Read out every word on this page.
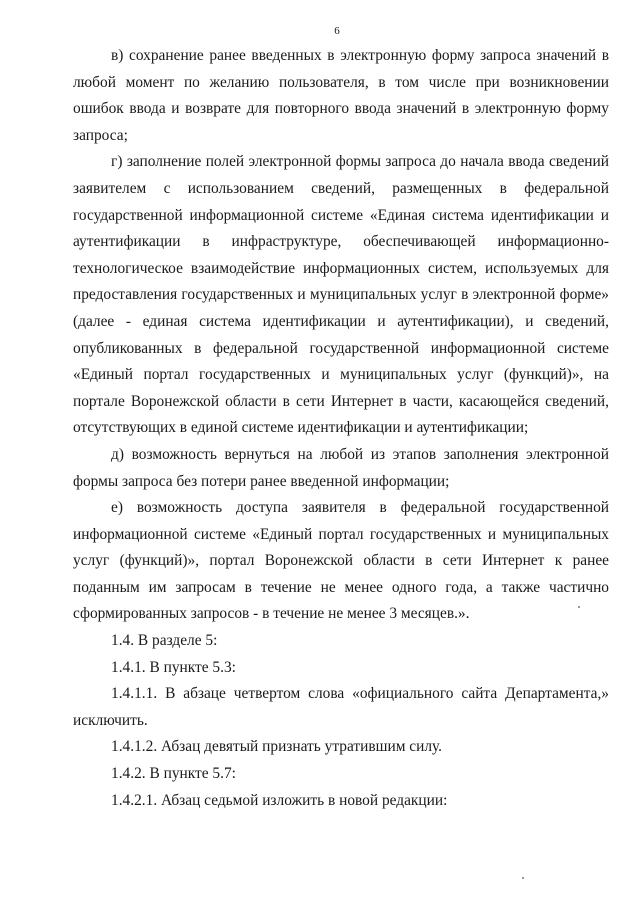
6

в) сохранение ранее введенных в электронную форму запроса значений в любой момент по желанию пользователя, в том числе при возникновении ошибок ввода и возврате для повторного ввода значений в электронную форму запроса;

г) заполнение полей электронной формы запроса до начала ввода сведений заявителем с использованием сведений, размещенных в федеральной государственной информационной системе «Единая система идентификации и аутентификации в инфраструктуре, обеспечивающей информационно-технологическое взаимодействие информационных систем, используемых для предоставления государственных и муниципальных услуг в электронной форме» (далее - единая система идентификации и аутентификации), и сведений, опубликованных в федеральной государственной информационной системе «Единый портал государственных и муниципальных услуг (функций)», на портале Воронежской области в сети Интернет в части, касающейся сведений, отсутствующих в единой системе идентификации и аутентификации;

д) возможность вернуться на любой из этапов заполнения электронной формы запроса без потери ранее введенной информации;

е) возможность доступа заявителя в федеральной государственной информационной системе «Единый портал государственных и муниципальных услуг (функций)», портал Воронежской области в сети Интернет к ранее поданным им запросам в течение не менее одного года, а также частично сформированных запросов - в течение не менее 3 месяцев.».

1.4. В разделе 5:

1.4.1. В пункте 5.3:

1.4.1.1. В абзаце четвертом слова «официального сайта Департамента,» исключить.

1.4.1.2. Абзац девятый признать утратившим силу.

1.4.2. В пункте 5.7:

1.4.2.1. Абзац седьмой изложить в новой редакции:
